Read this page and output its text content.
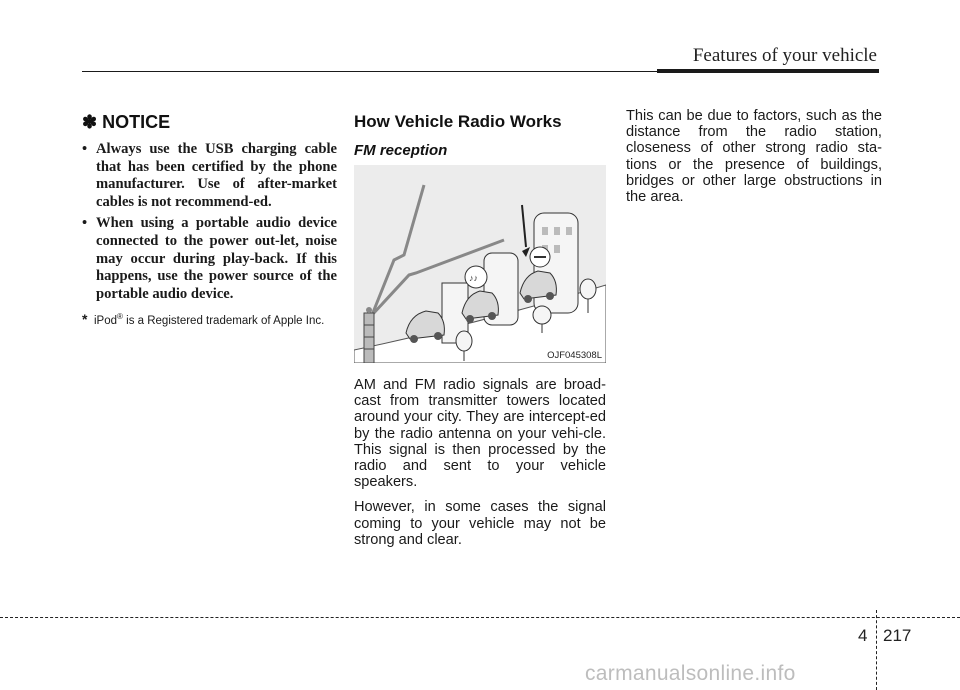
Features of your vehicle
✽ NOTICE
• Always use the USB charging cable that has been certified by the phone manufacturer. Use of after-market cables is not recommend-ed.
• When using a portable audio device connected to the power out-let, noise may occur during play-back. If this happens, use the power source of the portable audio device.
* iPod® is a Registered trademark of Apple Inc.
How Vehicle Radio Works
FM reception
♪♪
OJF045308L

AM and FM radio signals are broad-cast from transmitter towers located around your city. They are intercept-ed by the radio antenna on your vehi-cle. This signal is then processed by the radio and sent to your vehicle speakers.

However, in some cases the signal coming to your vehicle may not be strong and clear.

This can be due to factors, such as the distance from the radio station, closeness of other strong radio sta-tions or the presence of buildings, bridges or other large obstructions in the area.

4 217
carmanualsonline.info
